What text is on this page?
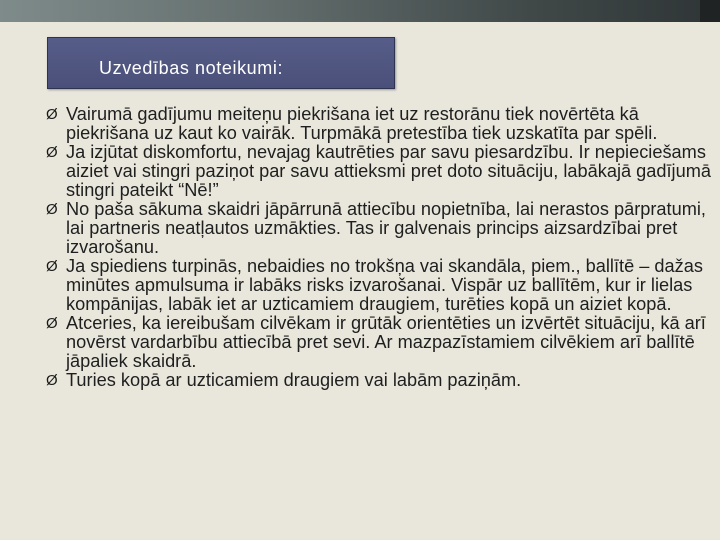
Uzvedības noteikumi:
Ø Vairumā gadījumu meiteņu piekrišana iet uz restorānu tiek novērtēta kā piekrišana uz kaut ko vairāk. Turpmākā pretestība tiek uzskatīta par spēli.
Ø Ja izjūtat diskomfortu, nevajag kautrēties par savu piesardzību. Ir nepieciešams aiziet vai stingri paziņot par savu attieksmi pret doto situāciju, labākajā gadījumā stingri pateikt “Nē!”
Ø No paša sākuma skaidri jāpārrunā attiecību nopietnība, lai nerastos pārpratumi, lai partneris neatļautos uzmākties. Tas ir galvenais princips aizsardzībai pret izvarošanu.
Ø Ja spiediens turpinās, nebaidies no trokšņa vai skandāla, piem., ballītē – dažas minūtes apmulsuma ir labāks risks izvarošanai. Vispār uz ballītēm, kur ir lielas kompānijas, labāk iet ar uzticamiem draugiem, turēties kopā un aiziet kopā.
Ø Atceries, ka iereibušam cilvēkam ir grūtāk orientēties un izvērtēt situāciju, kā arī novērst vardarbību attiecībā pret sevi. Ar mazpazīstamiem cilvēkiem arī ballītē jāpaliek skaidrā.
Ø Turies kopā ar uzticamiem draugiem vai labām paziņām.
